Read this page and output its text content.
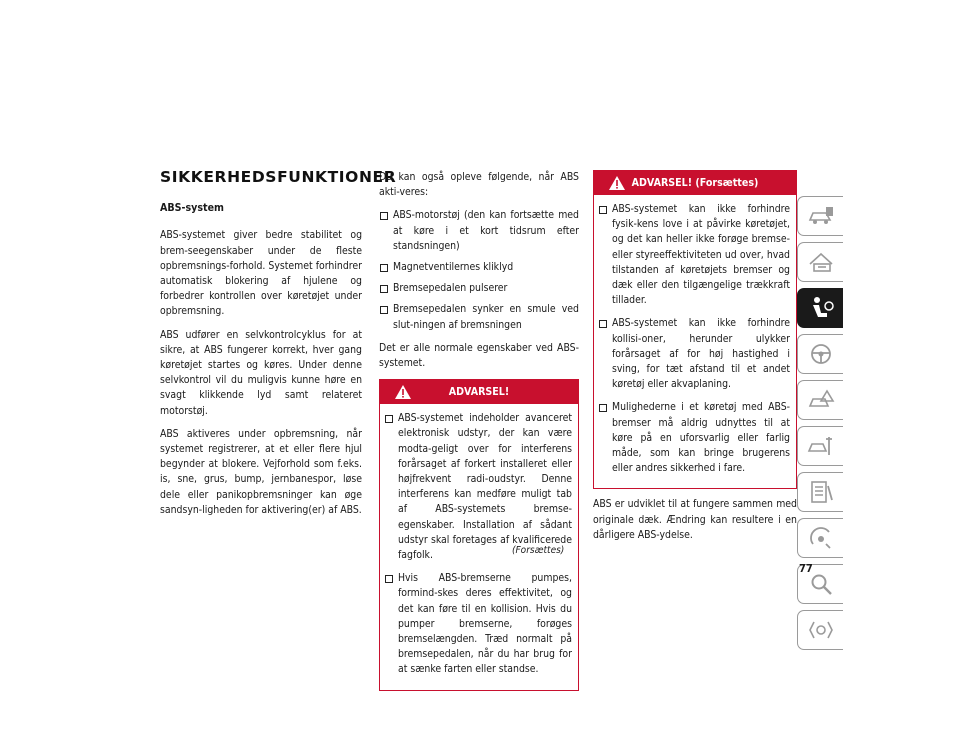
SIKKERHEDSFUNKTIONER
ABS-system

ABS-systemet giver bedre stabilitet og brem-seegenskaber under de fleste opbremsnings-forhold. Systemet forhindrer automatisk blokering af hjulene og forbedrer kontrollen over køretøjet under opbremsning.

ABS udfører en selvkontrolcyklus for at sikre, at ABS fungerer korrekt, hver gang køretøjet startes og køres. Under denne selvkontrol vil du muligvis kunne høre en svagt klikkende lyd samt relateret motorstøj.

ABS aktiveres under opbremsning, når systemet registrerer, at et eller flere hjul begynder at blokere. Vejforhold som f.eks. is, sne, grus, bump, jernbanespor, løse dele eller panikopbremsninger kan øge sandsyn-ligheden for aktivering(er) af ABS.

Du kan også opleve følgende, når ABS akti-veres:

ABS-motorstøj (den kan fortsætte med at køre i et kort tidsrum efter standsningen)
Magnetventilernes kliklyd
Bremsepedalen pulserer
Bremsepedalen synker en smule ved slut-ningen af bremsningen

Det er alle normale egenskaber ved ABS-systemet.

ADVARSEL!
ABS-systemet indeholder avanceret elektronisk udstyr, der kan være modta-geligt over for interferens forårsaget af forkert installeret eller højfrekvent radi-oudstyr. Denne interferens kan medføre muligt tab af ABS-systemets bremse-egenskaber. Installation af sådant udstyr skal foretages af kvalificerede fagfolk.
Hvis ABS-bremserne pumpes, formind-skes deres effektivitet, og det kan føre til en kollision. Hvis du pumper bremserne, forøges bremselængden. Træd normalt på bremsepedalen, når du har brug for at sænke farten eller standse.
(Forsættes)
ADVARSEL! (Forsættes)
ABS-systemet kan ikke forhindre fysik-kens love i at påvirke køretøjet, og det kan heller ikke forøge bremse- eller styreeffektiviteten ud over, hvad tilstanden af køretøjets bremser og dæk eller den tilgængelige trækkraft tillader.
ABS-systemet kan ikke forhindre kollisi-oner, herunder ulykker forårsaget af for høj hastighed i sving, for tæt afstand til et andet køretøj eller akvaplaning.
Mulighederne i et køretøj med ABS-bremser må aldrig udnyttes til at køre på en uforsvarlig eller farlig måde, som kan bringe brugerens eller andres sikkerhed i fare.

ABS er udviklet til at fungere sammen med originale dæk. Ændring kan resultere i en dårligere ABS-ydelse.

77
